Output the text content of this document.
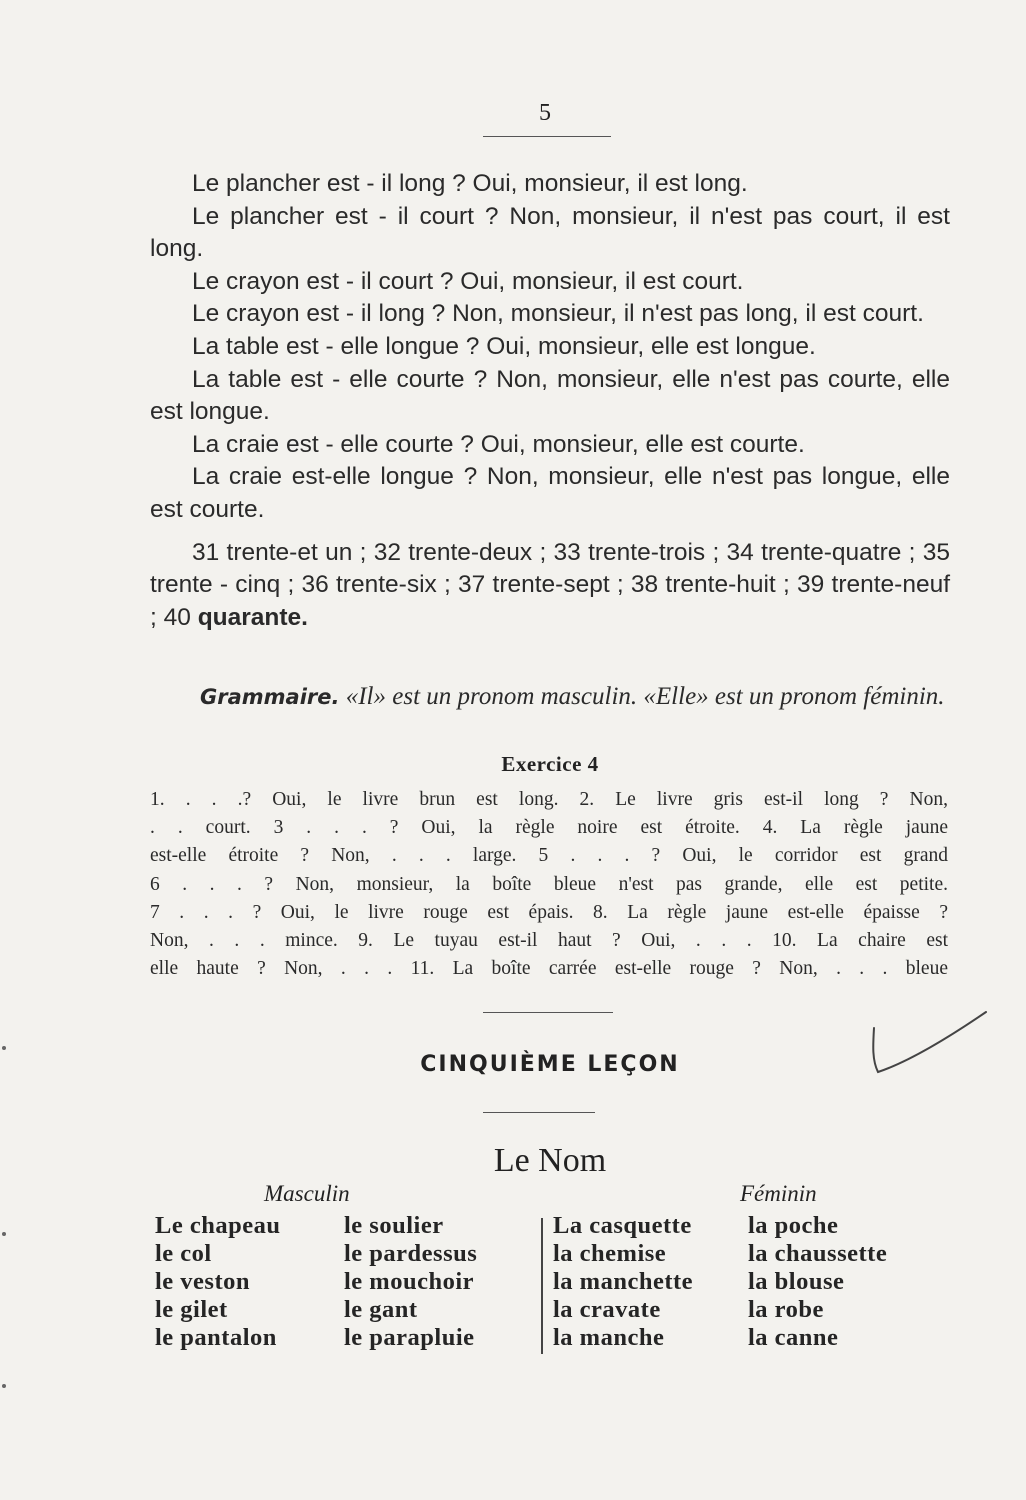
5

Le plancher est - il long ? Oui, monsieur, il est long.

Le plancher est - il court ? Non, monsieur, il n'est pas court, il est long.

Le crayon est - il court ? Oui, monsieur, il est court.

Le crayon est - il long ? Non, monsieur, il n'est pas long, il est court.

La table est - elle longue ? Oui, monsieur, elle est longue.

La table est - elle courte ? Non, monsieur, elle n'est pas courte, elle est longue.

La craie est - elle courte ? Oui, monsieur, elle est courte.

La craie est-elle longue ? Non, monsieur, elle n'est pas longue, elle est courte.

31 trente-et un ; 32 trente-deux ; 33 trente-trois ; 34 trente-quatre ; 35 trente - cinq ; 36 trente-six ; 37 trente-sept ; 38 trente-huit ; 39 trente-neuf ; 40 quarante.

Grammaire. «Il» est un pronom masculin. «Elle» est un pronom féminin.
Exercice 4
1. . . .? Oui, le livre brun est long. 2. Le livre gris est-il long ? Non,
. . court. 3 . . . ? Oui, la règle noire est étroite. 4. La règle jaune
est-elle étroite ? Non, . . . large. 5 . . . ? Oui, le corridor est grand
6 . . . ? Non, monsieur, la boîte bleue n'est pas grande, elle est petite.
7 . . . ? Oui, le livre rouge est épais. 8. La règle jaune est-elle épaisse ?
Non, . . . mince. 9. Le tuyau est-il haut ? Oui, . . . 10. La chaire est
elle haute ? Non, . . . 11. La boîte carrée est-elle rouge ? Non, . . . bleue
CINQUIÈME LEÇON
Le Nom
Masculin	Féminin
Le chapeau
le col
le veston
le gilet
le pantalon
le soulier
le pardessus
le mouchoir
le gant
le parapluie
La casquette
la chemise
la manchette
la cravate
la manche
la poche
la chaussette
la blouse
la robe
la canne
